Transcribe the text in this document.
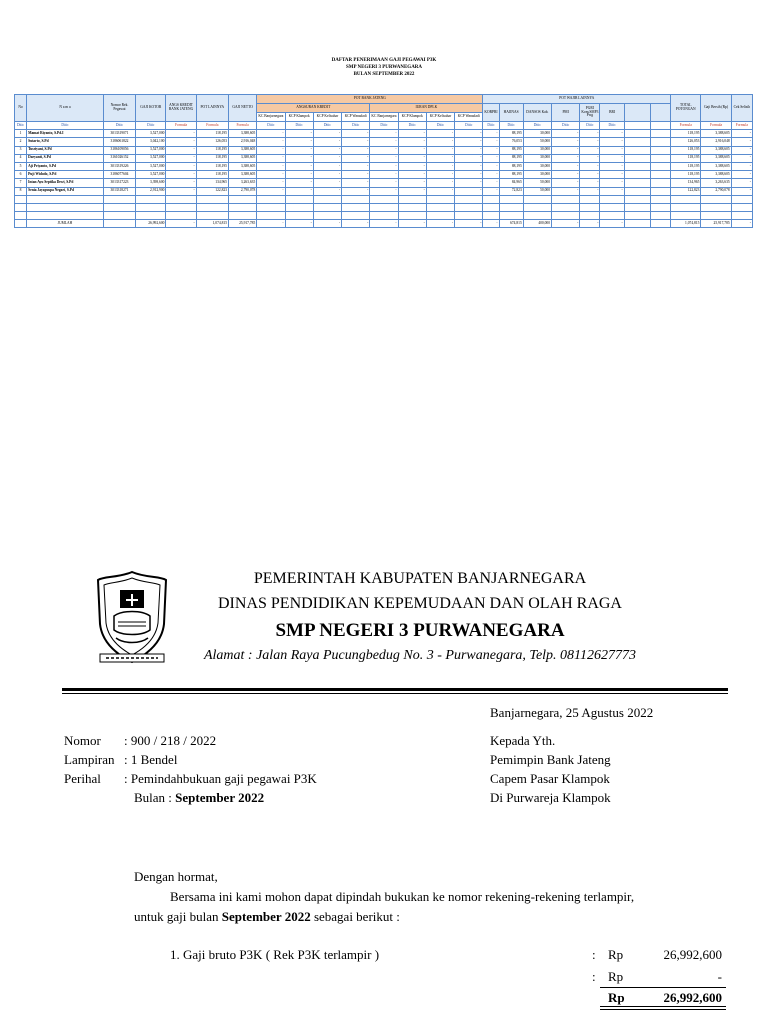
DAFTAR PENERIMAAN GAJI PEGAWAI P3K
SMP NEGERI 3 PURWANEGARA
BULAN SEPTEMBER 2022
No	N a m a	Nomor Rek. Pegawai	GAJI KOTOR	ANGS KREDIT BANK JATENG	POT LAINNYA	GAJI NETTO	POT BANK JATENG								POT WAJIB LAINNYA								TOTAL POTONGAN	Gaji Bersih (Rp)	Cek Selisih
							ANGSURAN KREDIT				IURAN DPLK				KORPRI	HAJINAS	DANSOS Kab.	PMI	PGRI Kom.SMP3 Pwg	BRI					
							KC Banjarnegara	KCP Klampok	KCP Kelisahar	KCP Wanadadi	KC Banjarnegara	KCP Klampok	KCP Kelisahar	KCP Wanadadi											
Ditic	Ditic	Ditic	Ditic	Formula	Formula	Formula	Ditic	Ditic	Ditic	Ditic	Ditic	Ditic	Ditic	Ditic	Ditic	Ditic	Ditic	Ditic	Ditic	Ditic			Formula	Formula	Formula
1	Mamat Riyanto, S.Pd.I	3013319071	3,527,000	-	118,195	3,388,605	-	-	-	-	-	-	-	-	-	88,195	30,000	-	-	-			118,195	3,388,605	-
2	Sutarto, S.Pd	3186061822	3,042,100	-	126,053	2,916,048	-	-	-	-	-	-	-	-	-	76,053	50,000	-	-	-			126,053	2,916,048	-
3	Tusriyani, S.Pd	3186109056	3,527,000	-	118,195	3,388,605	-	-	-	-	-	-	-	-	-	88,195	30,000	-	-	-			118,195	3,388,605	-
4	Daryanti, S.Pd	3161026152	3,527,000	-	118,195	3,388,605	-	-	-	-	-	-	-	-	-	88,195	30,000	-	-	-			118,195	3,388,605	-
5	Aji Priyanto, S.Pd	3013319226	3,527,000	-	118,195	3,388,605	-	-	-	-	-	-	-	-	-	88,195	30,000	-	-	-			118,195	3,388,605	-
6	Puji Widodo, S.Pd	3186077604	3,527,000	-	118,195	3,388,605	-	-	-	-	-	-	-	-	-	88,195	30,000	-	-	-			118,195	3,388,605	-
7	Intan Ayu Septika Dewi, S.Pd	3013317223	3,398,600	-	134,965	3,263,635	-	-	-	-	-	-	-	-	-	84,965	50,000	-	-	-			134,965	3,263,635	-
8	Senia Jayapuspa Negari, S.Pd	3013318271	2,912,900	-	122,823	2,790,078	-	-	-	-	-	-	-	-	-	72,823	50,000	-	-	-			122,823	2,790,078	-

	JUMLAH		26,992,600	-	1,074,815	25,917,785	-	-	-	-	-	-	-	-	-	674,815	400,000	-	-	-			1,074,815	25,917,785	-
PEMERINTAH KABUPATEN BANJARNEGARA
DINAS PENDIDIKAN KEPEMUDAAN DAN OLAH RAGA
SMP NEGERI 3 PURWANEGARA
Alamat : Jalan Raya Pucungbedug No. 3 - Purwanegara, Telp. 08112627773
Banjarnegara, 25 Agustus 2022
Nomor : 900 / 218 / 2022
Lampiran : 1 Bendel
Perihal : Pemindahbukuan gaji pegawai P3K
Bulan : September 2022
Kepada Yth.
Pemimpin Bank Jateng
Capem Pasar Klampok
Di Purwareja Klampok
Dengan hormat,
Bersama ini kami mohon dapat dipindah bukukan ke nomor rekening-rekening terlampir,
untuk gaji bulan September 2022 sebagai berikut :
1. Gaji bruto P3K ( Rek P3K terlampir )	: Rp	26,992,600
: Rp	-
Rp	26,992,600
